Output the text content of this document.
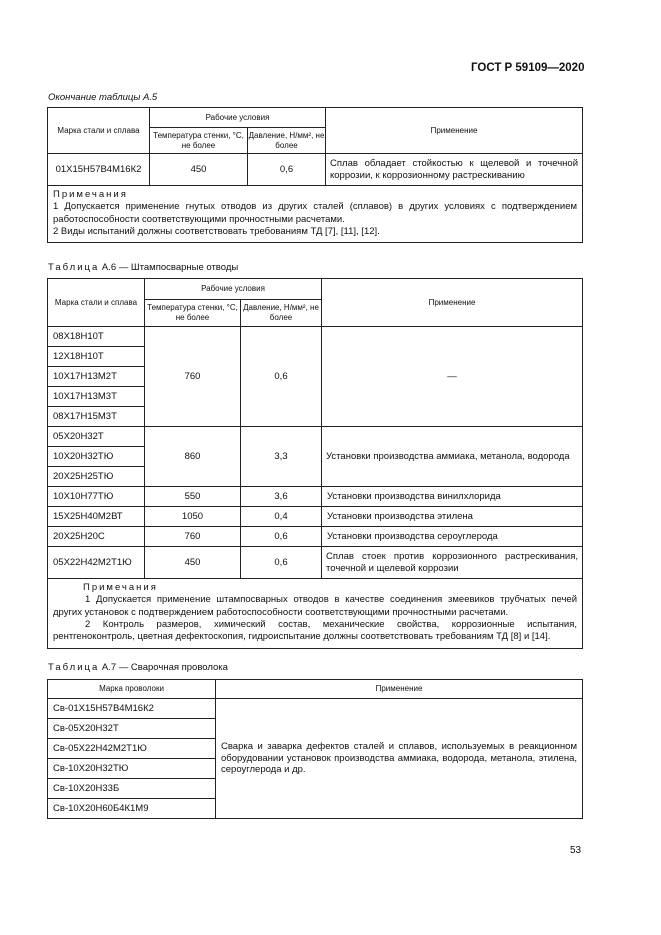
ГОСТ Р 59109—2020
Окончание таблицы А.5
Марка стали и сплава	Рабочие условия		Применение
	Температура стенки, °С, не более	Давление, Н/мм², не более	
01Х15Н57В4М16К2	450	0,6	Сплав обладает стойкостью к щелевой и точечной коррозии, к коррозионному растрескиванию

Примечания
1 Допускается применение гнутых отводов из других сталей (сплавов) в других условиях с подтверждением работоспособности соответствующими прочностными расчетами.
2 Виды испытаний должны соответствовать требованиям ТД [7], [11], [12].			
Таблица А.6 — Штампосварные отводы
Марка стали и сплава	Рабочие условия		Применение
	Температура стенки, °С, не более	Давление, Н/мм², не более	
08Х18Н10Т	760	0,6	—
12Х18Н10Т			
10Х17Н13М2Т			
10Х17Н13М3Т			
08Х17Н15М3Т			
05Х20Н32Т	860	3,3	Установки производства аммиака, метанола, водорода
10Х20Н32ТЮ			
20Х25Н25ТЮ			
10Х10Н77ТЮ	550	3,6	Установки производства винилхлорида
15Х25Н40М2ВТ	1050	0,4	Установки производства этилена
20Х25Н20С	760	0,6	Установки производства сероуглерода
05Х22Н42М2Т1Ю	450	0,6	Сплав стоек против коррозионного растрескивания, точечной и щелевой коррозии

Примечания
1 Допускается применение штампосварных отводов в качестве соединения змеевиков трубчатых печей других установок с подтверждением работоспособности соответствующими прочностными расчетами.
2 Контроль размеров, химический состав, механические свойства, коррозионные испытания, рентгеноконтроль, цветная дефектоскопия, гидроиспытание должны соответствовать требованиям ТД [8] и [14].			
Таблица А.7 — Сварочная проволока
Марка проволоки	Применение
Св-01Х15Н57В4М16К2	Сварка и заварка дефектов сталей и сплавов, используемых в реакционном оборудовании установок производства аммиака, водорода, метанола, этилена, сероуглерода и др.
Св-05Х20Н32Т	
Св-05Х22Н42М2Т1Ю	
Св-10Х20Н32ТЮ	
Св-10Х20Н33Б	
Св-10Х20Н60Б4К1М9	
53
